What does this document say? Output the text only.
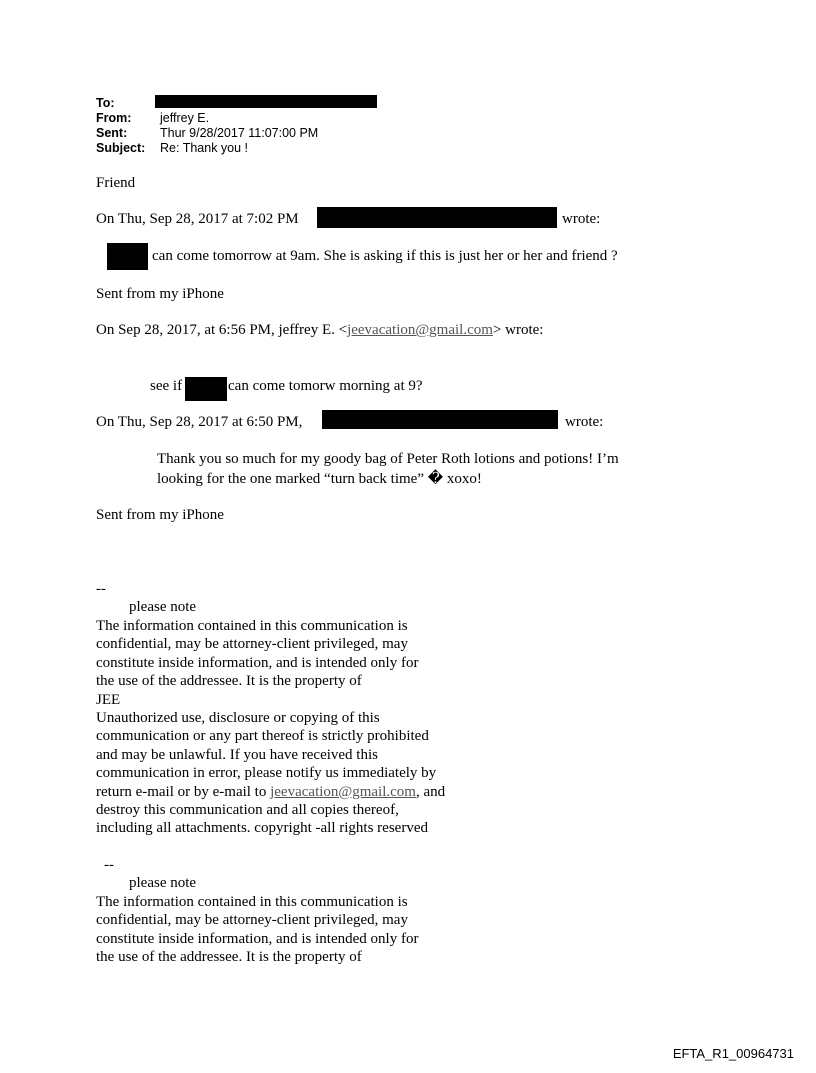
To:
From: jeffrey E.
Sent:	Thur 9/28/2017 11:07:00 PM
Subject: Re: Thank you !
Friend
On Thu, Sep 28, 2017 at 7:02 PM	wrote:
can come tomorrow at 9am. She is asking if this is just her or her and friend ?
Sent from my iPhone
On Sep 28, 2017, at 6:56 PM, jeffrey E. <jeevacation@gmail.com> wrote:
see if	can come tomorw morning at 9?
On Thu, Sep 28, 2017 at 6:50 PM,	wrote:
Thank you so much for my goody bag of Peter Roth lotions and potions! I’m
looking for the one marked “turn back time” � xoxo!
Sent from my iPhone
--
please note
The information contained in this communication is
confidential, may be attorney-client privileged, may
constitute inside information, and is intended only for
the use of the addressee. It is the property of
JEE
Unauthorized use, disclosure or copying of this
communication or any part thereof is strictly prohibited
and may be unlawful. If you have received this
communication in error, please notify us immediately by
return e-mail or by e-mail to jeevacation@gmail.com, and
destroy this communication and all copies thereof,
including all attachments. copyright -all rights reserved
--
please note
The information contained in this communication is
confidential, may be attorney-client privileged, may
constitute inside information, and is intended only for
the use of the addressee. It is the property of
EFTA_R1_00964731
